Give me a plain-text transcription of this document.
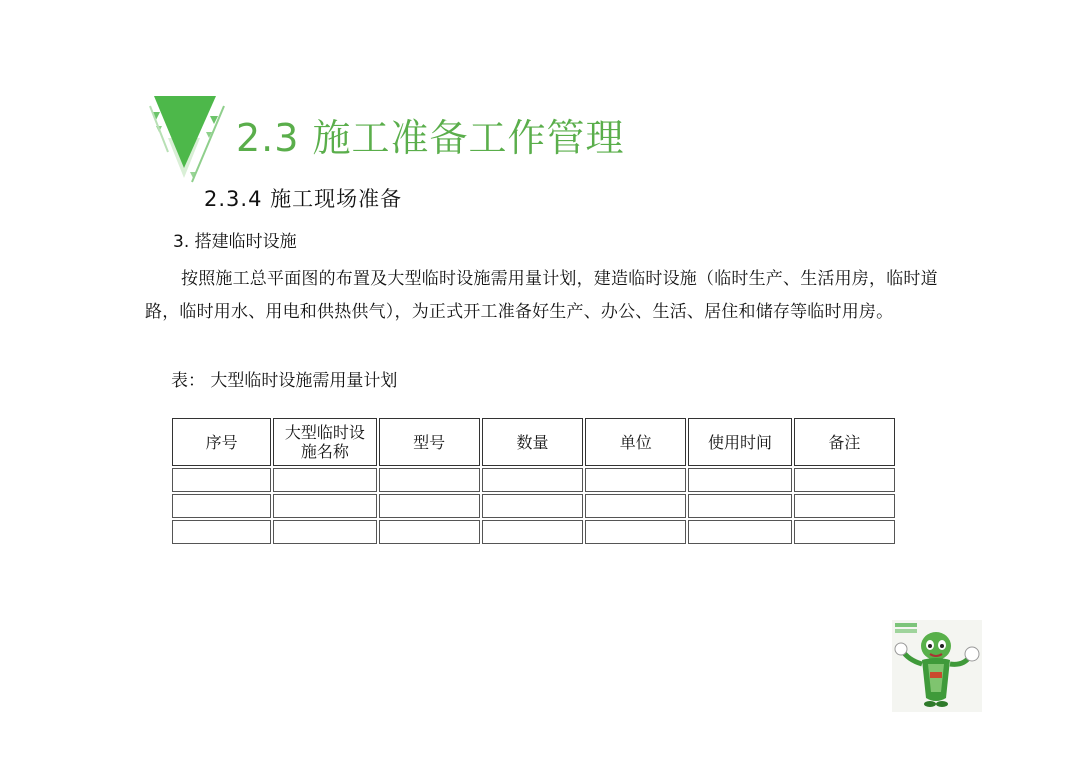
2.3 施工准备工作管理
2.3.4 施工现场准备
3. 搭建临时设施
按照施工总平面图的布置及大型临时设施需用量计划，建造临时设施（临时生产、生活用房，临时道路，临时用水、用电和供热供气），为正式开工准备好生产、办公、生活、居住和储存等临时用房。
表： 大型临时设施需用量计划
序号	大型临时设施名称	型号	数量	单位	使用时间	备注
